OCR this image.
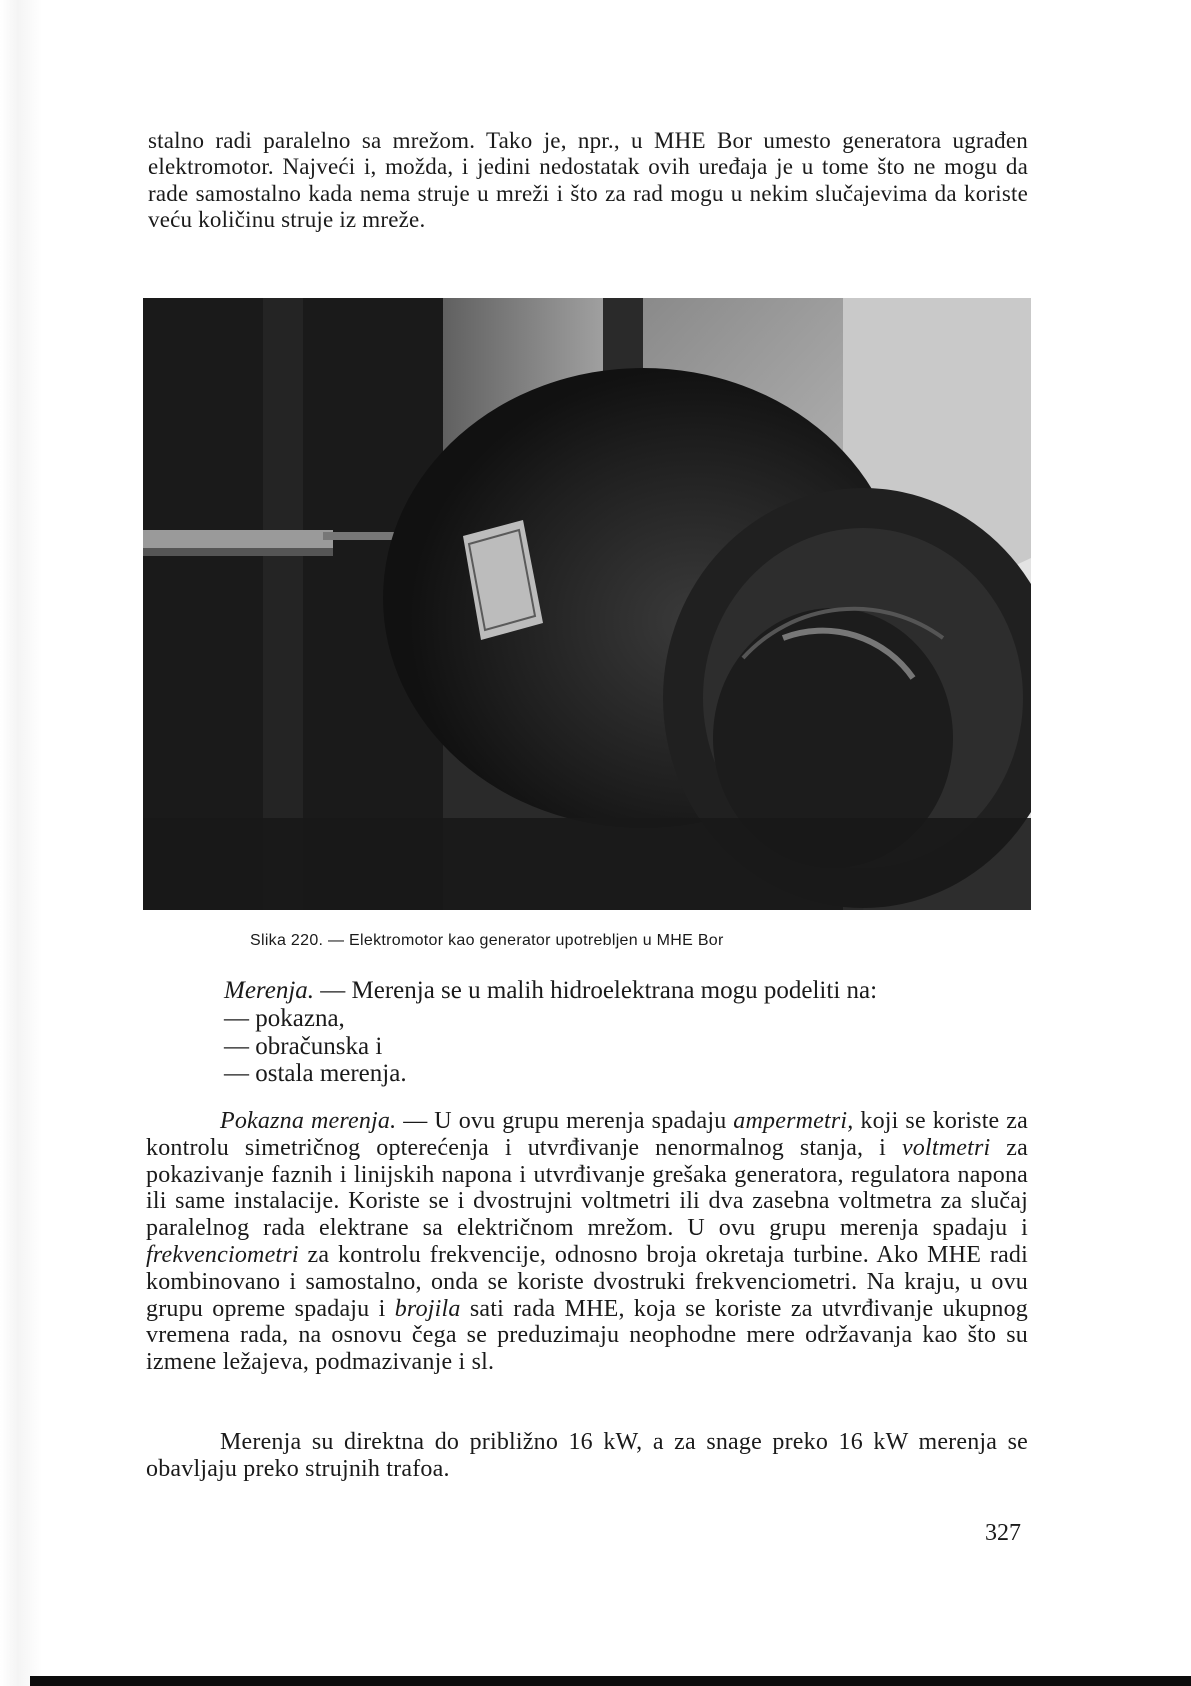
stalno radi paralelno sa mrežom. Tako je, npr., u MHE Bor umesto generatora ugrađen elektromotor. Najveći i, možda, i jedini nedostatak ovih uređaja je u tome što ne mogu da rade samostalno kada nema struje u mreži i što za rad mogu u nekim slučajevima da koriste veću količinu struje iz mreže.

Slika 220. — Elektromotor kao generator upotrebljen u MHE Bor

Merenja. — Merenja se u malih hidroelektrana mogu podeliti na:

— pokazna,
— obračunska i
— ostala merenja.

Pokazna merenja. — U ovu grupu merenja spadaju ampermetri, koji se koriste za kontrolu simetričnog opterećenja i utvrđivanje nenormalnog stanja, i voltmetri za pokazivanje faznih i linijskih napona i utvrđivanje grešaka generatora, regulatora napona ili same instalacije. Koriste se i dvostrujni voltmetri ili dva zasebna voltmetra za slučaj paralelnog rada elektrane sa električnom mrežom. U ovu grupu merenja spadaju i frekvenciometri za kontrolu frekvencije, odnosno broja okretaja turbine. Ako MHE radi kombinovano i samostalno, onda se koriste dvostruki frekvenciometri. Na kraju, u ovu grupu opreme spadaju i brojila sati rada MHE, koja se koriste za utvrđivanje ukupnog vremena rada, na osnovu čega se preduzimaju neophodne mere održavanja kao što su izmene ležajeva, podmazivanje i sl.

Merenja su direktna do približno 16 kW, a za snage preko 16 kW merenja se obavljaju preko strujnih trafoa.

327
